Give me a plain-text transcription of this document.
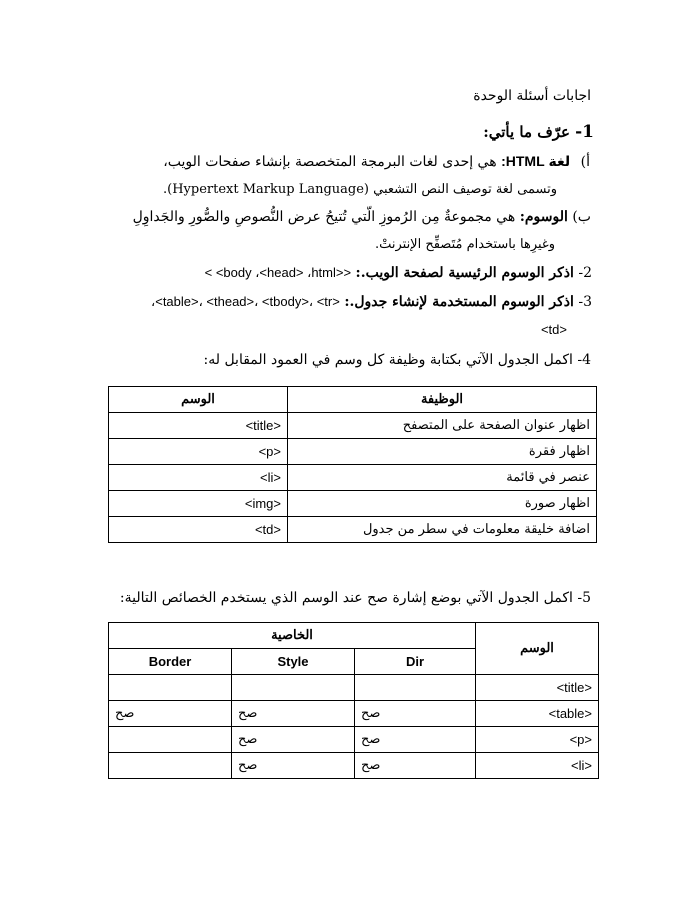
اجابات أسئلة الوحدة
1- عرّف ما يأتي:
أ) لغة HTML: هي إحدى لغات البرمجة المتخصصة بإنشاء صفحات الويب،
وتسمى لغة توصيف النص التشعبي (Hypertext Markup Language).
ب) الوسوم: هي مجموعةٌ مِن الرُموزِ الّتي تُتيحُ عرض النُّصوصِ والصُّورِ والجَداوِلِ
وغيرِها باستخدام مُتَصفِّح الإنترنتْ.
2- اذكر الوسوم الرئيسية لصفحة الويب.: <<body ،<head> ،html> >
3- اذكر الوسوم المستخدمة لإنشاء جدول.: <table>، <thead>، <tbody>، <tr>،
<td>
4- اكمل الجدول الآتي بكتابة وظيفة كل وسم في العمود المقابل له:
الوسم	الوظيفة
<title>	اظهار عنوان الصفحة على المتصفح
<p>	اظهار فقرة
<li>	عنصر في قائمة
<img>	اظهار صورة
<td>	اضافة خليقة معلومات في سطر من جدول
5- اكمل الجدول الآتي بوضع إشارة صح عند الوسم الذي يستخدم الخصائص التالية:
الخاصية			الوسم
Border	Style	Dir	
			<title>
صح	صح	صح	<table>
	صح	صح	<p>
	صح	صح	<li>
